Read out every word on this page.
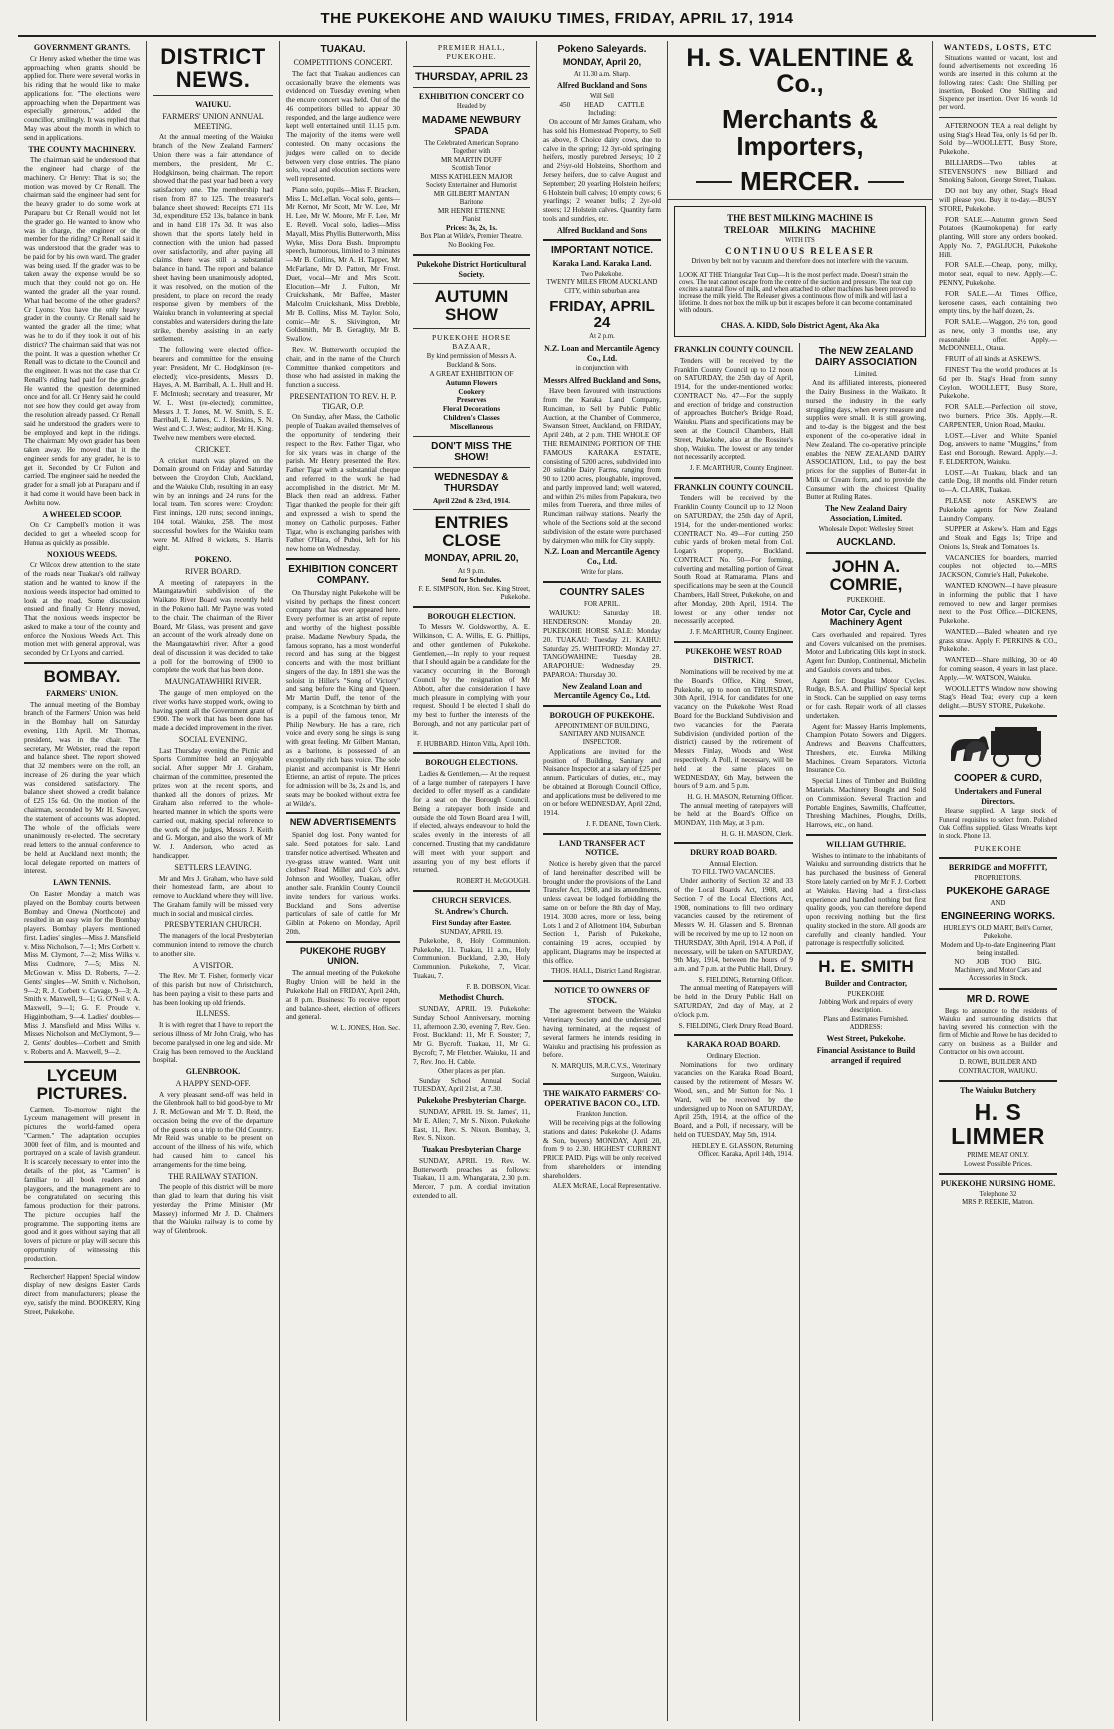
THE PUKEKOHE AND WAIUKU TIMES, FRIDAY, APRIL 17, 1914
GOVERNMENT GRANTS.

Cr Henry asked whether the time was approaching when grants should be applied for. There were several works in his riding that he would like to make applications for. "The elections were approaching when the Department was especially generous," added the councillor, smilingly. It was replied that May was about the month in which to send in applications.

THE COUNTY MACHINERY.

The chairman said he understood that the engineer had charge of the machinery. Cr Henry: That is so; the motion was moved by Cr Renall. The chairman said the engineer had sent for the heavy grader to do some work at Puraparu but Cr Renall would not let the grader go. He wanted to know who was in charge, the engineer or the member for the riding? Cr Renall said it was understood that the grader was to be paid for by his own ward. The grader was being used. If the grader was to be taken away the expense would be so much that they could not go on. He wanted the grader all the year round. What had become of the other graders? Cr Lyons: You have the only heavy grader in the county. Cr Renall said he wanted the grader all the time; what was he to do if they took it out of his district? The chairman said that was not the point. It was a question whether Cr Renall was to dictate to the Council and the engineer. It was not the case that Cr Renall's riding had paid for the grader. He wanted the question determined once and for all. Cr Henry said he could not see how they could get away from the resolution already passed. Cr Renall said he understood the graders were to be employed and kept in the ridings. The chairman: My own grader has been taken away. He moved that it the engineer sends for any grader, he is to get it. Seconded by Cr Fulton and carried. The engineer said he needed the grader for a small job at Puraparu and if it had come it would have been back in Awhitu now.

A WHEELED SCOOP.

On Cr Campbell's motion it was decided to get a wheeled scoop for Hunua as quickly as possible.

NOXIOUS WEEDS.

Cr Wilcox drew attention to the state of the roads near Tuakau's old railway station and he wanted to know if the noxious weeds inspector had omitted to look at the road. Some discussion ensued and finally Cr Henry moved, That the noxious weeds inspector be asked to make a tour of the county and enforce the Noxious Weeds Act. This motion met with general approval, was seconded by Cr Lyons and carried.

BOMBAY.
FARMERS' UNION.

The annual meeting of the Bombay branch of the Farmers' Union was held in the Bombay hall on Saturday evening, 11th April. Mr Thomas, president, was in the chair. The secretary, Mr Webster, read the report and balance sheet. The report showed that 32 members were on the roll, an increase of 26 during the year which was considered satisfactory. The balance sheet showed a credit balance of £25 15s 6d. On the motion of the chairman, seconded by Mr H. Sawyer, the statement of accounts was adopted. The whole of the officials were unanimously re-elected. The secretary read letters to the annual conference to be held at Auckland next month; the local delegate reported on matters of interest.

LAWN TENNIS.

On Easter Monday a match was played on the Bombay courts between Bombay and Onewa (Northcote) and resulted in an easy win for the Bombay players. Bombay players mentioned first. Ladies' singles—Miss J. Mansfield v. Miss Nicholson, 7—1; Mrs Corbett v. Miss M. Clymont, 7—2; Miss Wilks v. Miss Cudmore, 7—5; Miss N. McGowan v. Miss D. Roberts, 7—2. Gents' singles—W. Smith v. Nicholson, 9—2; R. J. Corbett v. Cavage, 9—3; A. Smith v. Maxwell, 9—1; G. O'Neil v. A. Maxwell, 9—1; G. F. Proude v. Higginbotham, 9—4. Ladies' doubles—Miss J. Mansfield and Miss Wilks v. Misses Nicholson and McClymont, 9—2. Gents' doubles—Corbett and Smith v. Roberts and A. Maxwell, 9—2.

LYCEUM PICTURES.

Carmen. To-morrow night the Lyceum management will present in pictures the world-famed opera "Carmen." The adaptation occupies 3000 feet of film, and is mounted and portrayed on a scale of lavish grandeur. It is scarcely necessary to enter into the details of the plot, as "Carmen" is familiar to all book readers and playgoers, and the management are to be congratulated on securing this famous production for their patrons. The picture occupies half the programme. The supporting items are good and it goes without saying that all lovers of picture or play will secure this opportunity of witnessing this production.

Rechercher! Happen! Special window display of new designs Easter Cards direct from manufacturers; please the eye, satisfy the mind. BOOKERY, King Street, Pukekohe.

DISTRICT NEWS.
WAIUKU.
FARMERS' UNION ANNUAL MEETING.

At the annual meeting of the Waiuku branch of the New Zealand Farmers' Union there was a fair attendance of members, the president, Mr C. Hodgkinson, being chairman. The report showed that the past year had been a very satisfactory one. The membership had risen from 87 to 125. The treasurer's balance sheet showed: Receipts £71 11s 3d, expenditure £52 13s, balance in bank and in hand £18 17s 3d. It was also shown that the sports lately held in connection with the union had passed over satisfactorily, and after paying all claims there was still a substantial balance in hand. The report and balance sheet having been unanimously adopted, it was resolved, on the motion of the president, to place on record the ready response given by members of the Waiuku branch in volunteering at special constables and watersiders during the late strike, thereby assisting in an early settlement.

The following were elected office-bearers and committee for the ensuing year: President, Mr C. Hodgkinson (re-elected); vice-presidents, Messrs D. Hayes, A. M. Barriball, A. L. Hull and H. F. McIntosh; secretary and treasurer, Mr W. L. West (re-elected); committee, Messrs J. T. Jones, M. W. Smith, S. E. Barriball, E. James, C. J. Heskins, S. N. West and C. J. West; auditor, Mr H. King. Twelve new members were elected.

CRICKET.

A cricket match was played on the Domain ground on Friday and Saturday between the Croydon Club, Auckland, and the Waiuku Club, resulting in an easy win by an innings and 24 runs for the local team. Ten scores were: Croydon: First innings, 120 runs; second innings, 104 total. Waiuku, 258. The most successful bowlers for the Waiuku team were M. Alfred 8 wickets, S. Harris eight.

POKENO.
RIVER BOARD.

A meeting of ratepayers in the Maungatawhiri subdivision of the Waikato River Board was recently held in the Pokeno hall. Mr Payne was voted to the chair. The chairman of the River Board, Mr Glass, was present and gave an account of the work already done on the Maungatawhiri river. After a good deal of discussion it was decided to take a poll for the borrowing of £900 to complete the work that has been done.

MAUNGATAWHIRI RIVER.

The gauge of men employed on the river works have stopped work, owing to having spent all the Government grant of £900. The work that has been done has made a decided improvement in the river.

SOCIAL EVENING.

Last Thursday evening the Picnic and Sports Committee held an enjoyable social. After supper Mr J. Graham, chairman of the committee, presented the prizes won at the recent sports, and thanked all the donors of prizes. Mr Graham also referred to the whole-hearted manner in which the sports were carried out, making special reference to the work of the judges, Messrs J. Keith and G. Morgan, and also the work of Mr W. J. Anderson, who acted as handicapper.

SETTLERS LEAVING.

Mr and Mrs J. Graham, who have sold their homestead farm, are about to remove to Auckland where they will live. The Graham family will be missed very much in social and musical circles.

PRESBYTERIAN CHURCH.

The managers of the local Presbyterian communion intend to remove the church to another site.

A VISITOR.

The Rev. Mr T. Fisher, formerly vicar of this parish but now of Christchurch, has been paying a visit to these parts and has been looking up old friends.

ILLNESS.

It is with regret that I have to report the serious illness of Mr John Craig, who has become paralysed in one leg and side. Mr Craig has been removed to the Auckland hospital.

GLENBROOK.
A HAPPY SEND-OFF.

A very pleasant send-off was held in the Glenbrook hall to bid good-bye to Mr J. R. McGowan and Mr T. D. Reid, the occasion being the eve of the departure of the guests on a trip to the Old Country. Mr Reid was unable to be present on account of the illness of his wife, which had caused him to cancel his arrangements for the time being.

THE RAILWAY STATION.

The people of this district will be more than glad to learn that during his visit yesterday the Prime Minister (Mr Massey) informed Mr J. D. Chalmers that the Waiuku railway is to come by way of Glenbrook.

TUAKAU.
COMPETITIONS CONCERT.

The fact that Tuakau audiences can occasionally brave the elements was evidenced on Tuesday evening when the encore concert was held. Out of the 46 competitors billed to appear 30 responded, and the large audience were kept well entertained until 11.15 p.m. The majority of the items were well contested. On many occasions the judges were called on to decide between very close entries. The piano solo, vocal and elocution sections were well represented.

Piano solo, pupils—Miss F. Bracken, Miss L. McLellan. Vocal solo, gents—Mr Kernot, Mr Scott, Mr W. Lee, Mr H. Lee, Mr W. Moore, Mr F. Lee, Mr E. Revell. Vocal solo, ladies—Miss Mayall, Miss Phyllis Butterworth, Miss Wyke, Miss Dora Bush. Impromptu speech, humorous, limited to 3 minutes—Mr B. Collins, Mr A. H. Tapper, Mr McFarlane, Mr D. Patton, Mr Frost. Duet, vocal—Mr and Mrs Scott. Elocution—Mr J. Fulton, Mr Cruickshank, Mr Baffee, Master Malcolm Cruickshank, Miss Drebble, Mr B. Collins, Miss M. Taylor. Solo, comic—Mr S. Skivington, Mr Goldsmith, Mr B. Geraghty, Mr B. Swallow.

Rev. W. Butterworth occupied the chair, and in the name of the Church Committee thanked competitors and those who had assisted in making the function a success.

PRESENTATION TO REV. H. P. TIGAR, O.P.

On Sunday, after Mass, the Catholic people of Tuakau availed themselves of the opportunity of tendering their respect to the Rev. Father Tigar, who for six years was in charge of the parish. Mr Henry presented the Rev. Father Tigar with a substantial cheque and referred to the work he had accomplished in the district. Mr M. Black then read an address. Father Tigar thanked the people for their gift and expressed a wish to spend the money on Catholic purposes. Father Tigar, who is exchanging parishes with Father O'Hara, of Puhoi, left for his new home on Wednesday.

EXHIBITION CONCERT COMPANY.

On Thursday night Pukekohe will be visited by perhaps the finest concert company that has ever appeared here. Every performer is an artist of repute and worthy of the highest possible praise. Madame Newbury Spada, the famous soprano, has a most wonderful record and has sung at the biggest concerts and with the most brilliant singers of the day. In 1891 she was the soloist in Hiller's "Song of Victory" and sang before the King and Queen. Mr Martin Duff, the tenor of the company, is a Scotchman by birth and is a pupil of the famous tenor, Mr Philip Newbury. He has a rare, rich voice and every song he sings is sung with great feeling. Mr Gilbert Mantan, as a baritone, is possessed of an exceptionally rich bass voice. The sole pianist and accompanist is Mr Henri Etienne, an artist of repute. The prices for admission will be 3s, 2s and 1s, and seats may be booked without extra fee at Wilde's.

NEW ADVERTISEMENTS

Spaniel dog lost. Pony wanted for sale. Seed potatoes for sale. Land transfer notice advertised. Wheaten and rye-grass straw wanted. Want unit clothes? Read Miller and Co's advt. Johnson and Woolley, Tuakau, offer another sale. Franklin County Council invite tenders for various works. Buckland and Sons advertise particulars of sale of cattle for Mr Giblin at Pokeno on Monday, April 20th.

PUKEKOHE RUGBY UNION.

The annual meeting of the Pukekohe Rugby Union will be held in the Pukekohe Hall on FRIDAY, April 24th, at 8 p.m. Business: To receive report and balance-sheet, election of officers and general.

W. L. JONES, Hon. Sec.
PREMIER HALL, PUKEKOHE.
THURSDAY, APRIL 23
EXHIBITION CONCERT CO
Headed by
MADAME NEWBURY SPADA
The Celebrated American Soprano
Together with
MR MARTIN DUFF
Scottish Tenor
MISS KATHLEEN MAJOR
Society Entertainer and Humorist
MR GILBERT MANTAN
Baritone
MR HENRI ETIENNE
Pianist
Prices: 3s, 2s, 1s.
Box Plan at Wilde's, Premier Theatre.
No Booking Fee.
Pukekohe District Horticultural Society.
AUTUMN SHOW
PUKEKOHE HORSE BAZAAR,
By kind permission of Messrs A. Buckland & Sons.
A GREAT EXHIBITION OF
Autumn Flowers
Cookery
Preserves
Floral Decorations
Children's Classes
Miscellaneous
DON'T MISS THE SHOW!
WEDNESDAY & THURSDAY
April 22nd & 23rd, 1914.
ENTRIES CLOSE
MONDAY, APRIL 20,
At 9 p.m.
Send for Schedules.
F. E. SIMPSON, Hon. Sec. King Street, Pukekohe.
BOROUGH ELECTION.

To Messrs W. Goldsworthy, A. E. Wilkinson, C. A. Willis, E. G. Phillips, and other gentlemen of Pukekohe. Gentlemen,—In reply to your request that I should again be a candidate for the vacancy occurring in the Borough Council by the resignation of Mr Abbott, after due consideration I have much pleasure in complying with your request. Should I be elected I shall do my best to further the interests of the Borough, and not any particular part of it.

F. HUBBARD. Hinton Villa, April 10th.
BOROUGH ELECTIONS.

Ladies & Gentlemen,— At the request of a large number of ratepayers I have decided to offer myself as a candidate for a seat on the Borough Council. Being a ratepayer both inside and outside the old Town Board area I will, if elected, always endeavour to hold the scales evenly in the interests of all concerned. Trusting that my candidature will meet with your support and assuring you of my best efforts if returned.

ROBERT H. McGOUGH.
CHURCH SERVICES.
St. Andrew's Church.
First Sunday after Easter.
SUNDAY, APRIL 19.

Pukekohe, 8, Holy Communion. Pukekohe, 11. Tuakau, 11 a.m., Holy Communion. Buckland, 2.30, Holy Communion. Pukekohe, 7, Vicar. Tuakau, 7.

F. B. DOBSON, Vicar.
Methodist Church.

SUNDAY, APRIL 19. Pukekohe: Sunday School Anniversary, morning 11, afternoon 2.30, evening 7, Rev. Geo. Frost. Buckland: 11, Mr F. Souster; 7, Mr G. Bycroft. Tuakau, 11, Mr G. Bycroft; 7, Mr Fletcher. Waiuku, 11 and 7, Rev. Jno. H. Cable.

Other places as per plan.

Sunday School Annual Social TUESDAY, April 21st, at 7.30.

Pukekohe Presbyterian Charge.

SUNDAY, APRIL 19. St. James', 11, Mr E. Allen; 7, Mr S. Nixon. Pukekohe East, 11, Rev. S. Nixon. Bombay, 3, Rev. S. Nixon.

Tuakau Presbyterian Charge

SUNDAY, APRIL 19. Rev. W. Butterworth preaches as follows: Tuakau, 11 a.m. Whangarata, 2.30 p.m. Mercer, 7 p.m. A cordial invitation extended to all.

Pokeno Saleyards.
MONDAY, April 20,
At 11.30 a.m. Sharp.
Alfred Buckland and Sons
Will Sell
450 HEAD CATTLE
Including:

On account of Mr James Graham, who has sold his Homestead Property, to Sell as above, 8 Choice dairy cows, due to calve in the spring; 12 3yr-old springing heifers, mostly purebred Jerseys; 10 2 and 2½yr-old Holsteins, Shorthorn and Jersey heifers, due to calve August and September; 20 yearling Holstein heifers; 6 Holstein bull calves; 10 empty cows; 6 yearlings; 2 weaner bulls; 2 2yr-old steers; 12 Holstein calves. Quantity farm tools and sundries, etc.

Alfred Buckland and Sons
IMPORTANT NOTICE.
Karaka Land. Karaka Land.
Two Pukekohe.
TWENTY MILES FROM AUCKLAND CITY, within suburban area
FRIDAY, APRIL 24
At 2 p.m.
N.Z. Loan and Mercantile Agency Co., Ltd.
in conjunction with
Messrs Alfred Buckland and Sons,

Have been favoured with instructions from the Karaka Land Company, Runciman, to Sell by Public Public Auction, at the Chamber of Commerce, Swanson Street, Auckland, on FRIDAY, April 24th, at 2 p.m. THE WHOLE OF THE REMAINING PORTION OF THE FAMOUS KARAKA ESTATE, consisting of 5200 acres, subdivided into 20 suitable Dairy Farms, ranging from 90 to 1200 acres, ploughable, improved, and partly improved land; well watered, and within 2½ miles from Papakura, two miles from Tuerera, and three miles of Runciman railway stations. Nearly the whole of the Sections sold at the second subdivision of the estate were purchased by dairymen who milk for City supply.

N.Z. Loan and Mercantile Agency Co., Ltd.
Write for plans.
COUNTRY SALES
FOR APRIL.

WAIUKU: Saturday 18. HENDERSON: Monday 20. PUKEKOHE HORSE SALE: Monday 20. TUAKAU: Tuesday 21. KAIHU: Saturday 25. WHITFORD: Monday 27. TANGOWAHINE: Tuesday 28. ARAPOHUE: Wednesday 29. PAPAROA: Thursday 30.

New Zealand Loan and Mercantile Agency Co., Ltd.
BOROUGH OF PUKEKOHE.
APPOINTMENT OF BUILDING, SANITARY AND NUISANCE INSPECTOR.

Applications are invited for the position of Building, Sanitary and Nuisance Inspector at a salary of £25 per annum. Particulars of duties, etc., may be obtained at Borough Council Office, and applications must be delivered to me on or before WEDNESDAY, April 22nd, 1914.

J. F. DEANE, Town Clerk.
LAND TRANSFER ACT NOTICE.

Notice is hereby given that the parcel of land hereinafter described will be brought under the provisions of the Land Transfer Act, 1908, and its amendments, unless caveat be lodged forbidding the same on or before the 8th day of May, 1914. 3030 acres, more or less, being Lots 1 and 2 of Allotment 104, Suburban Section 1, Parish of Pukekohe, containing 19 acres, occupied by applicant, Diagrams may be inspected at this office.

THOS. HALL, District Land Registrar.
NOTICE TO OWNERS OF STOCK.

The agreement between the Waiuku Veterinary Society and the undersigned having terminated, at the request of several farmers he intends residing in Waiuku and practising his profession as before.

N. MARQUIS, M.R.C.V.S., Veterinary Surgeon, Waiuku.
THE WAIKATO FARMERS' CO-OPERATIVE BACON CO., LTD.
Frankton Junction.

Will be receiving pigs at the following stations and dates: Pukekohe (J. Adams & Son, buyers) MONDAY, April 20, from 9 to 2.30. HIGHEST CURRENT PRICE PAID. Pigs will be only received from shareholders or intending shareholders.

ALEX McRAE, Local Representative.
H. S. VALENTINE & Co.,
Merchants & Importers,
MERCER.
THE BEST MILKING MACHINE IS
TRELOAR MILKING MACHINE
WITH ITS
CONTINUOUS RELEASER
Driven by belt not by vacuum and therefore does not interfere with the vacuum.

LOOK AT THE Triangular Teat Cup—It is the most perfect made. Doesn't strain the cows. The teat cannot escape from the centre of the suction and pressure. The teat cup excites a natural flow of milk, and when attached to other machines has been proved to increase the milk yield. The Releaser gives a continuous flow of milk and will last a lifetime. It does not box the milk up but it escapes before it can become contaminated with odours.

CHAS. A. KIDD, Solo District Agent, Aka Aka
FRANKLIN COUNTY COUNCIL

Tenders will be received by the Franklin County Council up to 12 noon on SATURDAY, the 25th day of April, 1914, for the under-mentioned works: CONTRACT No. 47—For the supply and erection of bridge and construction of approaches Butcher's Bridge Road, Waiuku. Plans and specifications may be seen at the Council Chambers, Hall Street, Pukekohe, also at the Rossiter's shop, Waiuku. The lowest or any tender not necessarily accepted.

J. F. McARTHUR, County Engineer.
FRANKLIN COUNTY COUNCIL

Tenders will be received by the Franklin County Council up to 12 Noon on SATURDAY, the 25th day of April, 1914, for the under-mentioned works: CONTRACT No. 49—For cutting 250 cubic yards of broken metal from Col. Logan's property, Buckland. CONTRACT No. 50—For forming, culverting and metalling portion of Great South Road at Ramarama. Plans and specifications may be seen at the Council Chambers, Hall Street, Pukekohe, on and after Monday, 20th April, 1914. The lowest or any other tender not necessarily accepted.

J. F. McARTHUR, County Engineer.
PUKEKOHE WEST ROAD DISTRICT.

Nominations will be received by me at the Board's Office, King Street, Pukekohe, up to noon on THURSDAY, 30th April, 1914, for candidates for one vacancy on the Pukekohe West Road Board for the Buckland Subdivision and two vacancies for the Paerata Subdivision (undivided portion of the district) caused by the retirement of Messrs Finlay, Woods and West respectively. A Poll, if necessary, will be held at the same places on WEDNESDAY, 6th May, between the hours of 9 a.m. and 5 p.m.

H. G. H. MASON, Returning Officer.

The annual meeting of ratepayers will be held at the Board's Office on MONDAY, 11th May, at 3 p.m.

H. G. H. MASON, Clerk.
DRURY ROAD BOARD.
Annual Election.
TO FILL TWO VACANCIES.

Under authority of Section 32 and 33 of the Local Boards Act, 1908, and Section 7 of the Local Elections Act, 1908, nominations to fill two ordinary vacancies caused by the retirement of Messrs W. H. Glassen and S. Brennan will be received by me up to 12 noon on THURSDAY, 30th April, 1914. A Poll, if necessary, will be taken on SATURDAY, 9th May, 1914, between the hours of 9 a.m. and 7 p.m. at the Public Hall, Drury.

S. FIELDING, Returning Officer.

The annual meeting of Ratepayers will be held in the Drury Public Hall on SATURDAY, 2nd day of May, at 2 o'clock p.m.

S. FIELDING, Clerk Drury Road Board.
KARAKA ROAD BOARD.
Ordinary Election.

Nominations for two ordinary vacancies on the Karaka Road Board, caused by the retirement of Messrs W. Wood, sen., and Mr Sutton for No. 1 Ward, will be received by the undersigned up to Noon on SATURDAY, April 25th, 1914, at the office of the Board, and a Poll, if necessary, will be held on TUESDAY, May 5th, 1914.

HEDLEY E. GLASSON, Returning Officer. Karaka, April 14th, 1914.
The NEW ZEALAND DAIRY ASSOCIATION
Limited.

And its affiliated interests, pioneered the Dairy Business in the Waikato. It nursed the industry in the early struggling days, when every measure and supplies were small. It is still growing, and to-day is the biggest and the best exponent of the co-operative ideal in New Zealand. The co-operative principle enables the NEW ZEALAND DAIRY ASSOCIATION, Ltd., to pay the best prices for the supplies of Butter-fat in Milk or Cream form, and to provide the Consumer with the choicest Quality Butter at Ruling Rates.

The New Zealand Dairy Association, Limited.
Wholesale Depot: Wellesley Street
AUCKLAND.
JOHN A. COMRIE,
PUKEKOHE.
Motor Car, Cycle and Machinery Agent

Cars overhauled and repaired. Tyres and Covers vulcanised on the premises. Motor and Lubricating Oils kept in stock. Agent for: Dunlop, Continental, Michelin and Gaulois covers and tubes.

Agent for: Douglas Motor Cycles. Rudge, B.S.A. and Phillips' Special kept in Stock. Can be supplied on easy terms or for cash. Repair work of all classes undertaken.

Agent for: Massey Harris Implements, Champion Potato Sowers and Diggers. Andrews and Beavens Chaffcutters, Threshers, etc. Eureka Milking Machines. Cream Separators. Victoria Insurance Co.

Special Lines of Timber and Building Materials. Machinery Bought and Sold on Commission. Several Traction and Portable Engines, Sawmills, Chaffcutter, Threshing Machines, Ploughs, Drills, Harrows, etc., on hand.

WILLIAM GUTHRIE.

Wishes to intimate to the inhabitants of Waiuku and surrounding districts that he has purchased the business of General Store lately carried on by Mr F. J. Corbett at Waiuku. Having had a first-class experience and handled nothing but first quality goods, you can therefore depend upon receiving nothing but the first quality stocked in the store. All goods are carefully and cleanly handled. Your patronage is respectfully solicited.

H. E. SMITH
Builder and Contractor,
PUKEKOHE
Jobbing Work and repairs of every description.
Plans and Estimates Furnished.
ADDRESS:
West Street, Pukekohe.
Financial Assistance to Build arranged if required
WANTEDS, LOSTS, ETC

Situations wanted or vacant, lost and found advertisements not exceeding 16 words are inserted in this column at the following rates: Cash: One Shilling per insertion, Booked One Shilling and Sixpence per insertion. Over 16 words 1d per word.

AFTERNOON TEA a real delight by using Stag's Head Tea, only 1s 6d per lb. Sold by—WOOLLETT, Busy Store, Pukekohe.

BILLIARDS—Two tables at STEVENSON'S new Billiard and Smoking Saloon, George Street, Tuakau.

DO not buy any other, Stag's Head will please you. Buy it to-day.—BUSY STORE, Pukekohe.

FOR SALE.—Autumn grown Seed Potatoes (Kaumokopena) for early planting. Will store any orders booked. Apply No. 7, PAGLIUCH, Pukekohe Hill.

FOR SALE.—Cheap, pony, milky, motor seat, equal to new. Apply.—C. PENNY, Pukekohe.

FOR SALE.—At Times Office, kerosene cases, each containing two empty tins, by the half dozen, 2s.

FOR SALE.—Waggon, 2½ ton, good as new, only 3 months use, any reasonable offer. Apply.—McDONNELL, Otaua.

FRUIT of all kinds at ASKEW'S.

FINEST Tea the world produces at 1s 6d per lb. Stag's Head from sunny Ceylon. WOOLLETT, Busy Store, Pukekohe.

FOR SALE.—Perfection oil stove, two burners. Price 30s. Apply.—R. CARPENTER, Union Road, Mauku.

LOST.—Liver and White Spaniel Dog, answers to name "Muggins," from East end Borough. Reward. Apply.—J. F. ELDERTON, Waiuku.

LOST.—At Tuakau, black and tan cattle Dog, 18 months old. Finder return to—A. CLARK, Tuakau.

PLEASE note ASKEW'S are Pukekohe agents for New Zealand Laundry Company.

SUPPER at Askew's. Ham and Eggs and Steak and Eggs 1s; Tripe and Onions 1s, Steak and Tomatoes 1s.

VACANCIES for boarders, married couples not objected to.—MRS JACKSON, Comrie's Hall, Pukekohe.

WANTED KNOWN—I have pleasure in informing the public that I have removed to new and larger premises next to the Post Office.—DICKENS, Pukekohe.

WANTED.—Baled wheaten and rye grass straw. Apply F. PERKINS & CO., Pukekohe.

WANTED—Share milking, 30 or 40 for coming season, 4 years in last place. Apply.—W. WATSON, Waiuku.

WOOLLETT'S Window now showing Stag's Head Tea; every cup a keen delight.—BUSY STORE, Pukekohe.

COOPER & CURD,
Undertakers and Funeral Directors.

Hearse supplied. A large stock of Funeral requisites to select from. Polished Oak Coffins supplied. Glass Wreaths kept in stock. Phone 13.

PUKEKOHE
BERRIDGE and MOFFITT,
PROPRIETORS.
PUKEKOHE GARAGE
AND
ENGINEERING WORKS.
HURLEY'S OLD MART, Bell's Corner, Pukekohe.
Modern and Up-to-date Engineering Plant being installed.
NO JOB TOO BIG.
Machinery, and Motor Cars and Accessories in Stock.
MR D. ROWE

Begs to announce to the residents of Waiuku and surrounding districts that having severed his connection with the firm of Michie and Rowe he has decided to carry on business as a Builder and Contractor on his own account.

D. ROWE, BUILDER AND CONTRACTOR, WAIUKU.
The Waiuku Butchery
H. S LIMMER
PRIME MEAT ONLY.
Lowest Possible Prices.
PUKEKOHE NURSING HOME.
Telephone 32
MRS P. REEKIE, Matron.
